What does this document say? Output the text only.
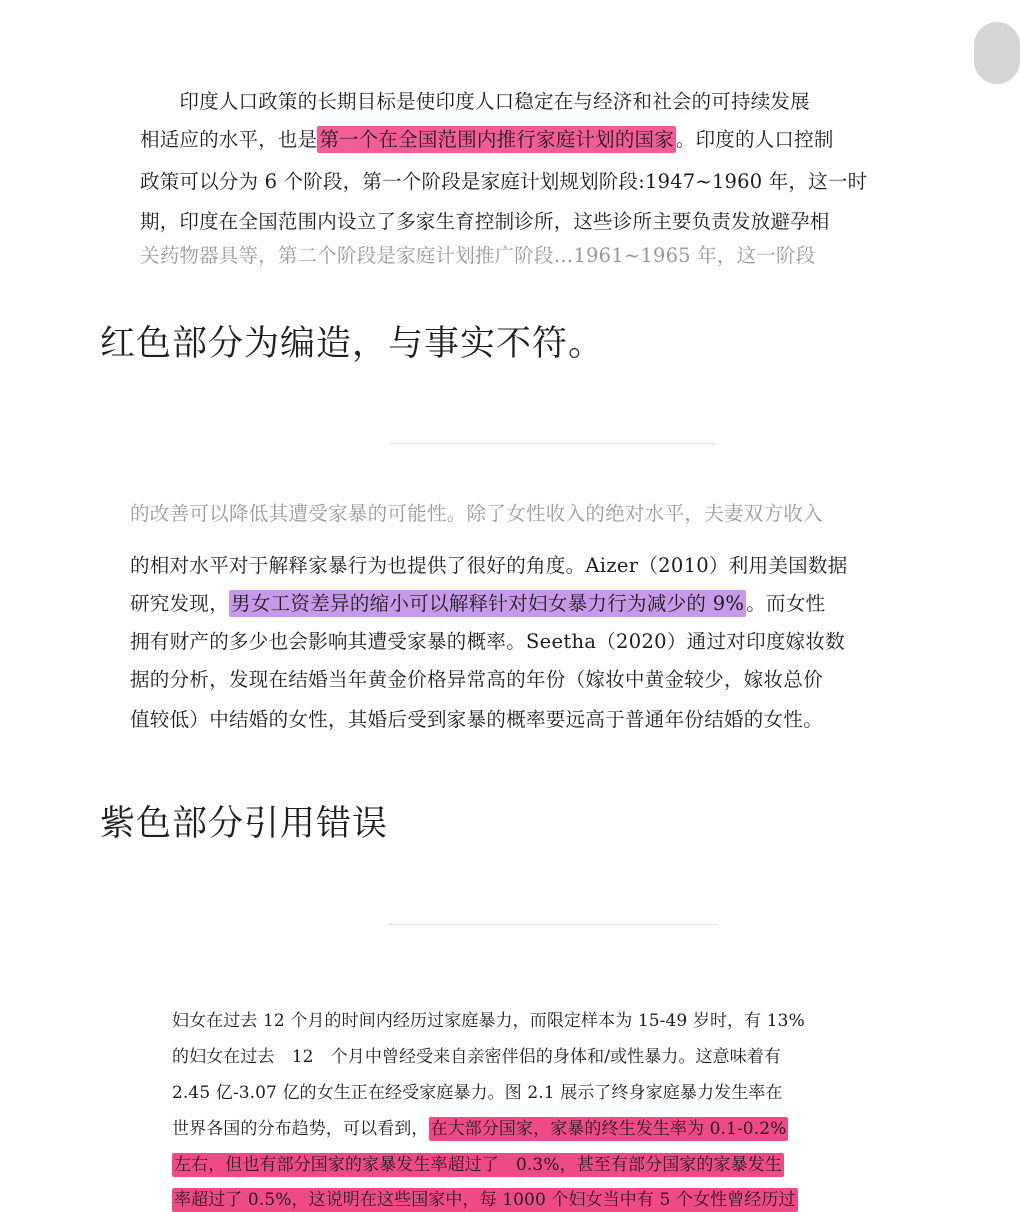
　　印度人口政策的长期目标是使印度人口稳定在与经济和社会的可持续发展
相适应的水平，也是 第一个在全国范围内推行家庭计划的国家 。印度的人口控制
政策可以分为 6 个阶段，第一个阶段是家庭计划规划阶段:1947~1960 年，这一时
期，印度在全国范围内设立了多家生育控制诊所，这些诊所主要负责发放避孕相
关药物器具等，第二个阶段是家庭计划推广阶段…1961~1965 年，这一阶段
红色部分为编造，与事实不符。
的改善可以降低其遭受家暴的可能性。除了女性收入的绝对水平，夫妻双方收入
的相对水平对于解释家暴行为也提供了很好的角度。Aizer（2010）利用美国数据
研究发现， 男女工资差异的缩小可以解释针对妇女暴力行为减少的 9% 。而女性
拥有财产的多少也会影响其遭受家暴的概率。Seetha（2020）通过对印度嫁妆数
据的分析，发现在结婚当年黄金价格异常高的年份（嫁妆中黄金较少，嫁妆总价
值较低）中结婚的女性，其婚后受到家暴的概率要远高于普通年份结婚的女性。
紫色部分引用错误
妇女在过去 12 个月的时间内经历过家庭暴力，而限定样本为 15-49 岁时，有 13%
的妇女在过去　12　个月中曾经受来自亲密伴侣的身体和/或性暴力。这意味着有
2.45 亿-3.07 亿的女生正在经受家庭暴力。图 2.1 展示了终身家庭暴力发生率在
世界各国的分布趋势，可以看到， 在大部分国家，家暴的终生发生率为 0.1-0.2%
左右，但也有部分国家的家暴发生率超过了　0.3%，甚至有部分国家的家暴发生
率超过了 0.5%，这说明在这些国家中，每 1000 个妇女当中有 5 个女性曾经历过
